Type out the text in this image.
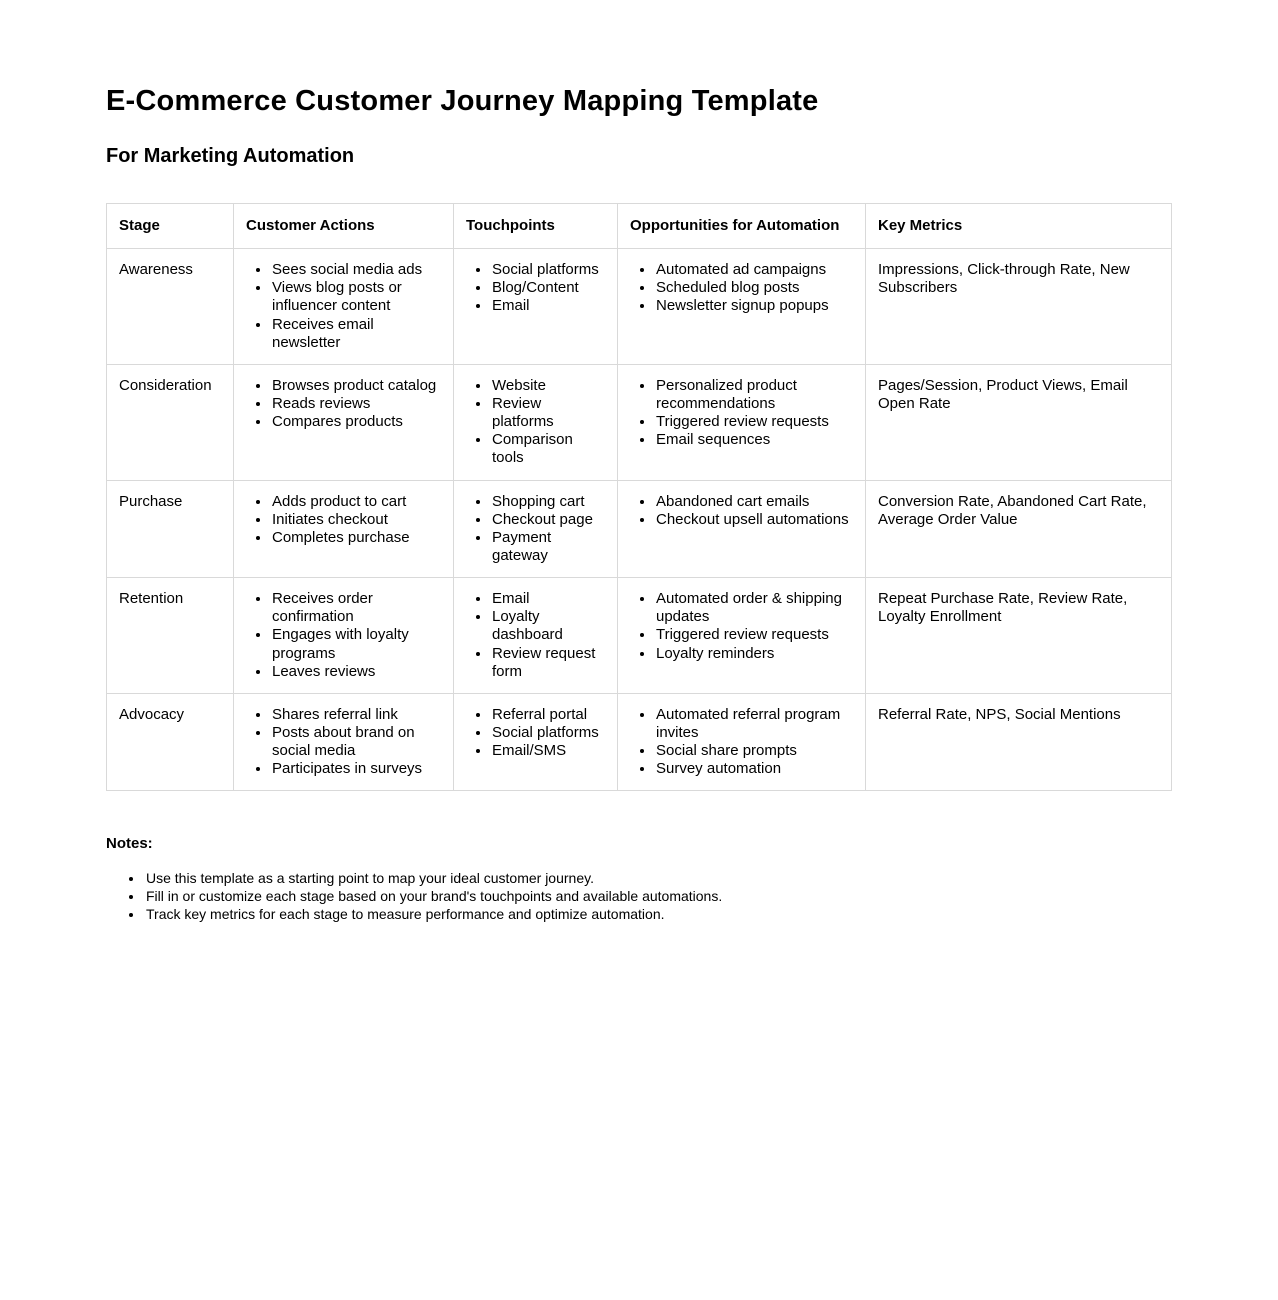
E-Commerce Customer Journey Mapping Template
For Marketing Automation
Stage	Customer Actions	Touchpoints	Opportunities for Automation	Key Metrics
Awareness	
•Sees social media ads
• Views blog posts or influencer content
• Receives email newsletter

• Social platforms
• Blog/Content
• Email

• Automated ad campaigns
• Scheduled blog posts
• Newsletter signup popups
	Impressions, Click-through Rate, New Subscribers
Consideration	
•Browses product catalog
• Reads reviews
• Compares products

• Website
• Review platforms
• Comparison tools

• Personalized product recommendations
• Triggered review requests
• Email sequences
	Pages/Session, Product Views, Email Open Rate
Purchase	
•Adds product to cart
• Initiates checkout
• Completes purchase

• Shopping cart
• Checkout page
• Payment gateway

• Abandoned cart emails
• Checkout upsell automations
	Conversion Rate, Abandoned Cart Rate, Average Order Value
Retention	
•Receives order confirmation
• Engages with loyalty programs
• Leaves reviews

• Email
• Loyalty dashboard
• Review request form

• Automated order & shipping updates
• Triggered review requests
• Loyalty reminders
	Repeat Purchase Rate, Review Rate, Loyalty Enrollment
Advocacy	
•Shares referral link
• Posts about brand on social media
• Participates in surveys

• Referral portal
• Social platforms
• Email/SMS

• Automated referral program invites
• Social share prompts
• Survey automation
	Referral Rate, NPS, Social Mentions

Notes:

• Use this template as a starting point to map your ideal customer journey.
• Fill in or customize each stage based on your brand's touchpoints and available automations.
• Track key metrics for each stage to measure performance and optimize automation.
